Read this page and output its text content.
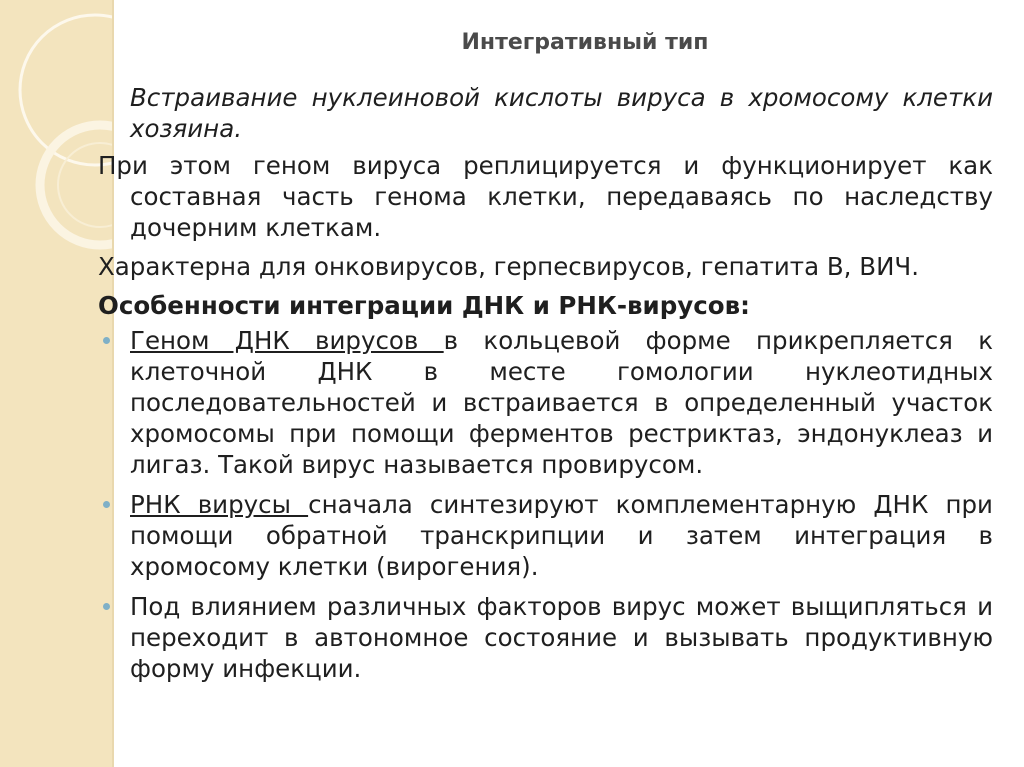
Интегративный тип

Встраивание нуклеиновой кислоты вируса в хромосому клетки хозяина.

При этом геном вируса реплицируется и функционирует как составная часть генома клетки, передаваясь по наследству дочерним клеткам.

Характерна для онковирусов, герпесвирусов, гепатита В, ВИЧ.

Особенности интеграции ДНК и РНК-вирусов:

Геном ДНК вирусов в кольцевой форме прикрепляется к клеточной ДНК в месте гомологии нуклеотидных последовательностей и встраивается в определенный участок хромосомы при помощи ферментов рестриктаз, эндонуклеаз и лигаз. Такой вирус называется провирусом.
РНК вирусы сначала синтезируют комплементарную ДНК при помощи обратной транскрипции и затем интеграция в хромосому клетки (вирогения).
Под влиянием различных факторов вирус может выщипляться и переходит в автономное состояние и вызывать продуктивную форму инфекции.
